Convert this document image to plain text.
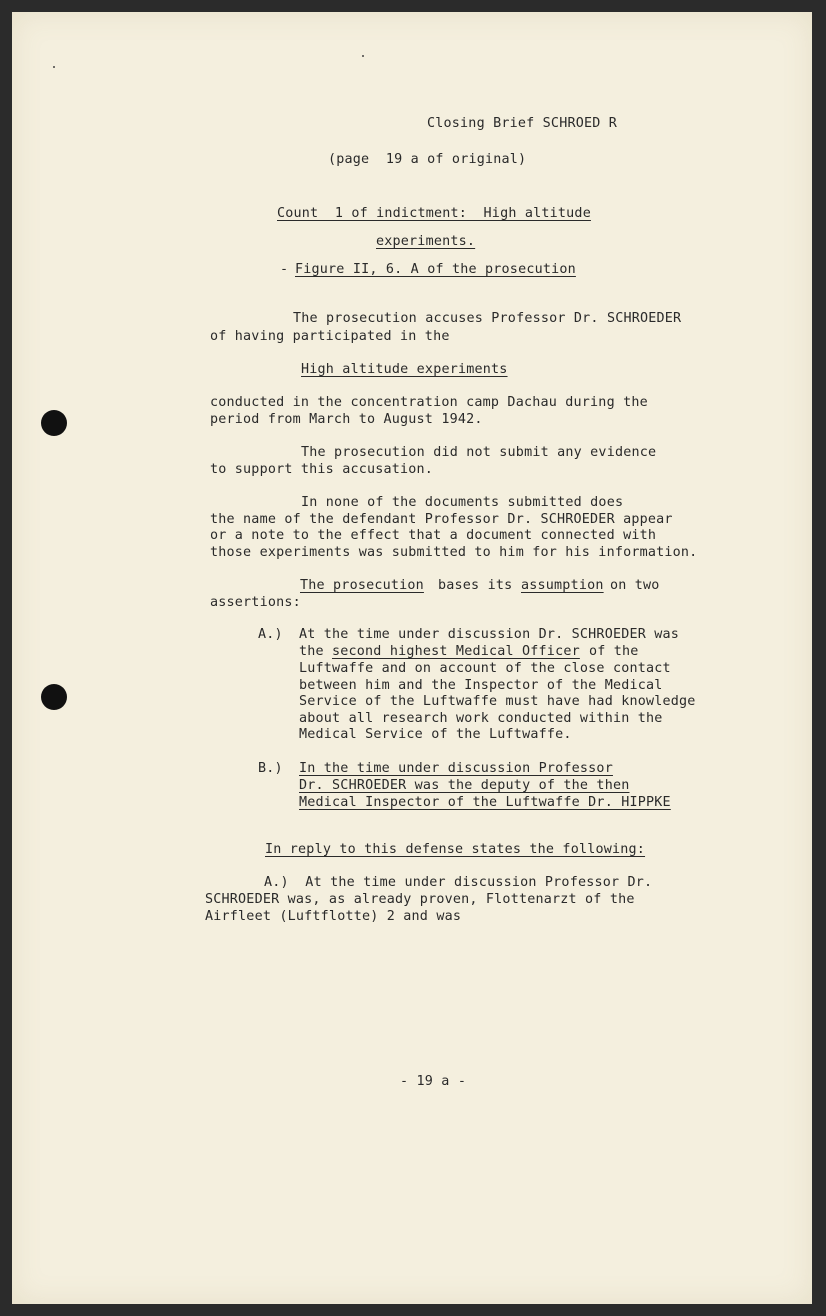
Closing Brief SCHROED R
(page  19 a of original)
Count  1 of indictment:  High altitude
experiments.
- Figure II, 6. A of the prosecution
The prosecution accuses Professor Dr. SCHROEDER
of having participated in the
High altitude experiments
conducted in the concentration camp Dachau during the
period from March to August 1942.
The prosecution did not submit any evidence
to support this accusation.
In none of the documents submitted does
the name of the defendant Professor Dr. SCHROEDER appear
or a note to the effect that a document connected with
those experiments was submitted to him for his information.
The prosecution bases its assumption on two
assertions:
A.) At the time under discussion Dr. SCHROEDER was
the second highest Medical Officer of the
Luftwaffe and on account of the close contact
between him and the Inspector of the Medical
Service of the Luftwaffe must have had knowledge
about all research work conducted within the
Medical Service of the Luftwaffe.
B.) In the time under discussion Professor
Dr. SCHROEDER was the deputy of the then
Medical Inspector of the Luftwaffe Dr. HIPPKE
In reply to this defense states the following:
A.)  At the time under discussion Professor Dr.
SCHROEDER was, as already proven, Flottenarzt of the
Airfleet (Luftflotte) 2 and was
- 19 a -
